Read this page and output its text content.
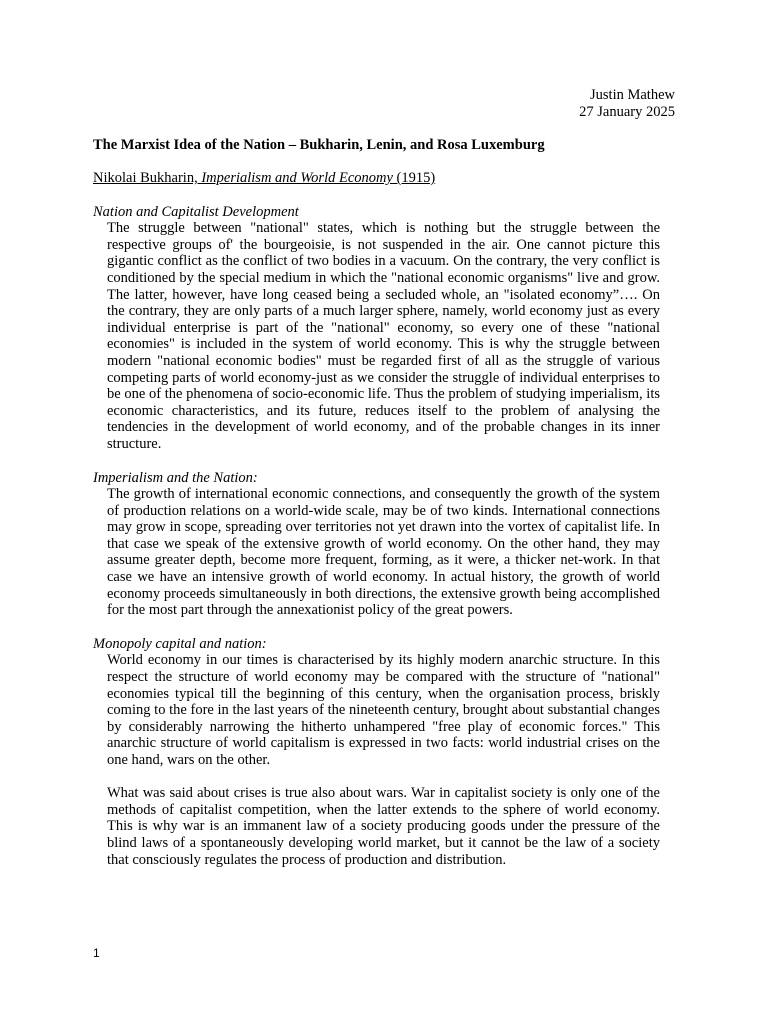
Justin Mathew
27 January 2025

The Marxist Idea of the Nation – Bukharin, Lenin, and Rosa Luxemburg

Nikolai Bukharin, Imperialism and World Economy (1915)
Nation and Capitalist Development

The struggle between "national" states, which is nothing but the struggle between the respective groups of' the bourgeoisie, is not suspended in the air. One cannot picture this gigantic conflict as the conflict of two bodies in a vacuum. On the contrary, the very conflict is conditioned by the special medium in which the "national economic organisms" live and grow. The latter, however, have long ceased being a secluded whole, an "isolated economy”…. On the contrary, they are only parts of a much larger sphere, namely, world economy just as every individual enterprise is part of the "national" economy, so every one of these "national economies" is included in the system of world economy. This is why the struggle between modern "national economic bodies" must be regarded first of all as the struggle of various competing parts of world economy-just as we consider the struggle of individual enterprises to be one of the phenomena of socio-economic life. Thus the problem of studying imperialism, its economic characteristics, and its future, reduces itself to the problem of analysing the tendencies in the development of world economy, and of the probable changes in its inner structure.

Imperialism and the Nation:

The growth of international economic connections, and consequently the growth of the system of production relations on a world-wide scale, may be of two kinds. International connections may grow in scope, spreading over territories not yet drawn into the vortex of capitalist life. In that case we speak of the extensive growth of world economy. On the other hand, they may assume greater depth, become more frequent, forming, as it were, a thicker net-work. In that case we have an intensive growth of world economy. In actual history, the growth of world economy proceeds simultaneously in both directions, the extensive growth being accomplished for the most part through the annexationist policy of the great powers.

Monopoly capital and nation:

World economy in our times is characterised by its highly modern anarchic structure. In this respect the structure of world economy may be compared with the structure of "national" economies typical till the beginning of this century, when the organisation process, briskly coming to the fore in the last years of the nineteenth century, brought about substantial changes by considerably narrowing the hitherto unhampered "free play of economic forces." This anarchic structure of world capitalism is expressed in two facts: world industrial crises on the one hand, wars on the other.

What was said about crises is true also about wars. War in capitalist society is only one of the methods of capitalist competition, when the latter extends to the sphere of world economy. This is why war is an immanent law of a society producing goods under the pressure of the blind laws of a spontaneously developing world market, but it cannot be the law of a society that consciously regulates the process of production and distribution.

1
